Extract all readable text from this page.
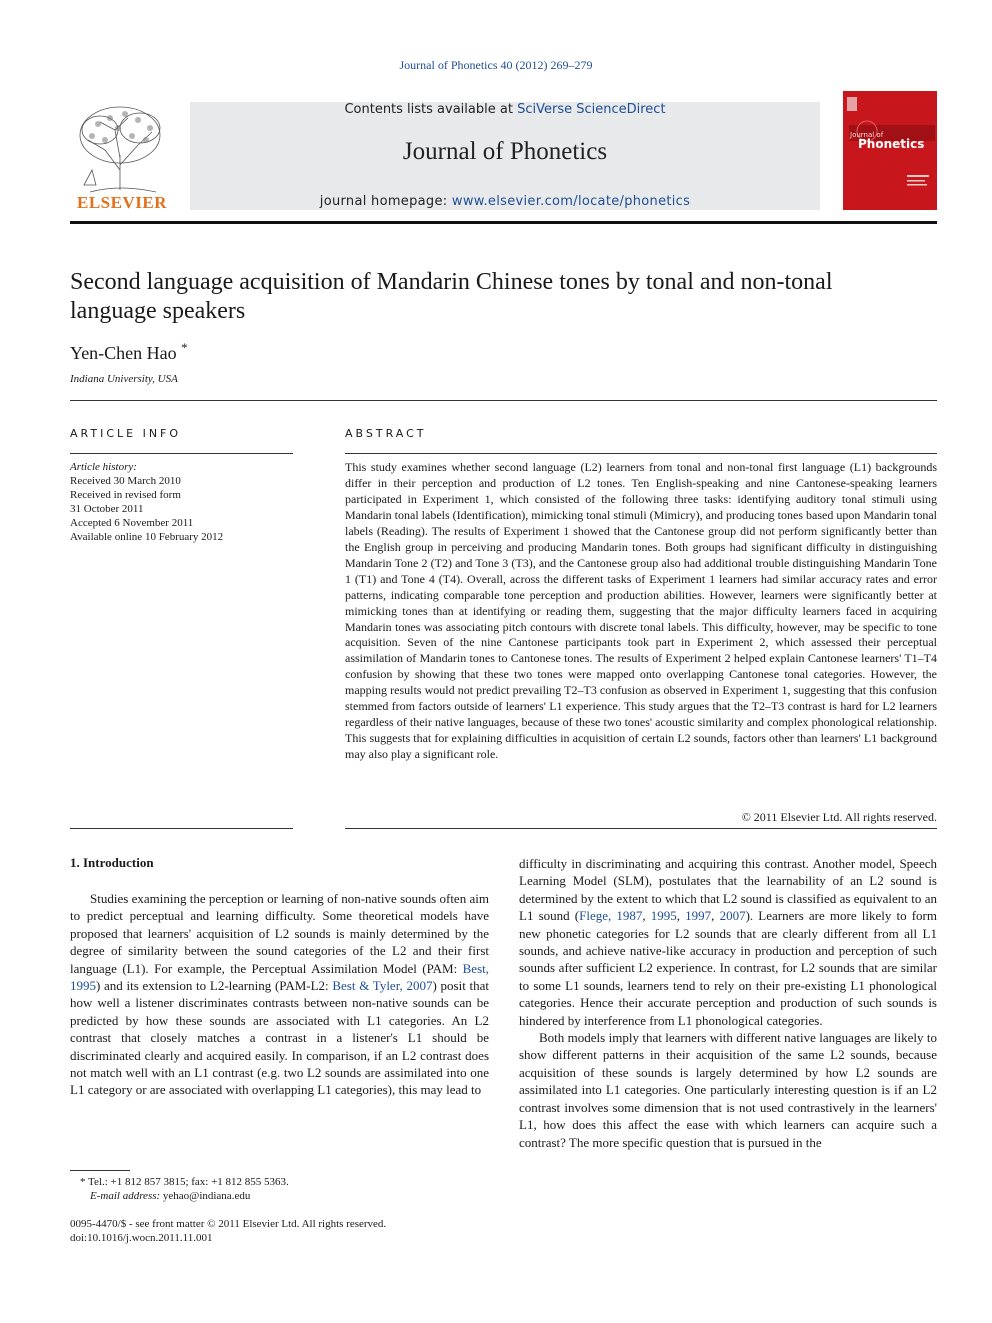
Journal of Phonetics 40 (2012) 269–279
ELSEVIER
Contents lists available at SciVerse ScienceDirect
Journal of Phonetics
journal homepage: www.elsevier.com/locate/phonetics
Journal of
Phonetics
Second language acquisition of Mandarin Chinese tones by tonal and non-tonal language speakers
Yen-Chen Hao *
Indiana University, USA
ARTICLE INFO
Article history:
Received 30 March 2010
Received in revised form
31 October 2011
Accepted 6 November 2011
Available online 10 February 2012
ABSTRACT
This study examines whether second language (L2) learners from tonal and non-tonal first language (L1) backgrounds differ in their perception and production of L2 tones. Ten English-speaking and nine Cantonese-speaking learners participated in Experiment 1, which consisted of the following three tasks: identifying auditory tonal stimuli using Mandarin tonal labels (Identification), mimicking tonal stimuli (Mimicry), and producing tones based upon Mandarin tonal labels (Reading). The results of Experiment 1 showed that the Cantonese group did not perform significantly better than the English group in perceiving and producing Mandarin tones. Both groups had significant difficulty in distinguishing Mandarin Tone 2 (T2) and Tone 3 (T3), and the Cantonese group also had additional trouble distinguishing Mandarin Tone 1 (T1) and Tone 4 (T4). Overall, across the different tasks of Experiment 1 learners had similar accuracy rates and error patterns, indicating comparable tone perception and production abilities. However, learners were significantly better at mimicking tones than at identifying or reading them, suggesting that the major difficulty learners faced in acquiring Mandarin tones was associating pitch contours with discrete tonal labels. This difficulty, however, may be specific to tone acquisition. Seven of the nine Cantonese participants took part in Experiment 2, which assessed their perceptual assimilation of Mandarin tones to Cantonese tones. The results of Experiment 2 helped explain Cantonese learners' T1–T4 confusion by showing that these two tones were mapped onto overlapping Cantonese tonal categories. However, the mapping results would not predict prevailing T2–T3 confusion as observed in Experiment 1, suggesting that this confusion stemmed from factors outside of learners' L1 experience. This study argues that the T2–T3 contrast is hard for L2 learners regardless of their native languages, because of these two tones' acoustic similarity and complex phonological relationship. This suggests that for explaining difficulties in acquisition of certain L2 sounds, factors other than learners' L1 background may also play a significant role.
© 2011 Elsevier Ltd. All rights reserved.
1. Introduction

Studies examining the perception or learning of non-native sounds often aim to predict perceptual and learning difficulty. Some theoretical models have proposed that learners' acquisition of L2 sounds is mainly determined by the degree of similarity between the sound categories of the L2 and their first language (L1). For example, the Perceptual Assimilation Model (PAM: Best, 1995) and its extension to L2-learning (PAM-L2: Best & Tyler, 2007) posit that how well a listener discriminates contrasts between non-native sounds can be predicted by how these sounds are associated with L1 categories. An L2 contrast that closely matches a contrast in a listener's L1 should be discriminated clearly and acquired easily. In comparison, if an L2 contrast does not match well with an L1 contrast (e.g. two L2 sounds are assimilated into one L1 category or are associated with overlapping L1 categories), this may lead to

difficulty in discriminating and acquiring this contrast. Another model, Speech Learning Model (SLM), postulates that the learnability of an L2 sound is determined by the extent to which that L2 sound is classified as equivalent to an L1 sound (Flege, 1987, 1995, 1997, 2007). Learners are more likely to form new phonetic categories for L2 sounds that are clearly different from all L1 sounds, and achieve native-like accuracy in production and perception of such sounds after sufficient L2 experience. In contrast, for L2 sounds that are similar to some L1 sounds, learners tend to rely on their pre-existing L1 phonological categories. Hence their accurate perception and production of such sounds is hindered by interference from L1 phonological categories.

Both models imply that learners with different native languages are likely to show different patterns in their acquisition of the same L2 sounds, because acquisition of these sounds is largely determined by how L2 sounds are assimilated into L1 categories. One particularly interesting question is if an L2 contrast involves some dimension that is not used contrastively in the learners' L1, how does this affect the ease with which learners can acquire such a contrast? The more specific question that is pursued in the

* Tel.: +1 812 857 3815; fax: +1 812 855 5363.
E-mail address: yehao@indiana.edu
0095-4470/$ - see front matter © 2011 Elsevier Ltd. All rights reserved.
doi:10.1016/j.wocn.2011.11.001
